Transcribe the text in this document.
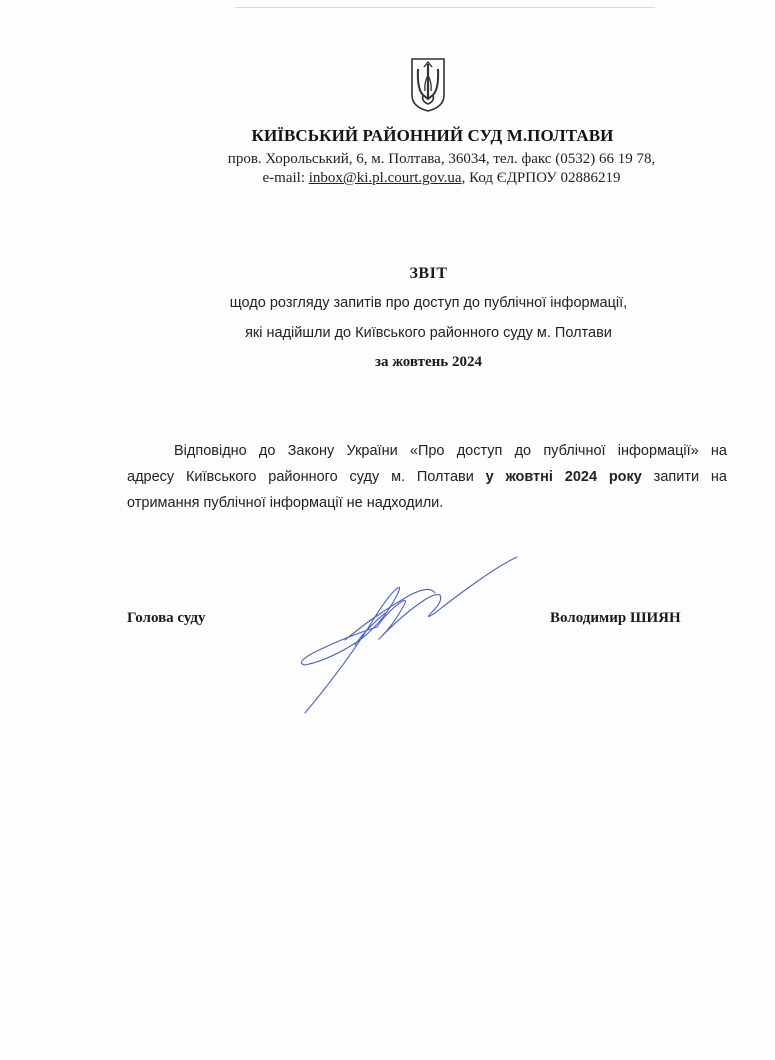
КИЇВСЬКИЙ РАЙОННИЙ СУД М.ПОЛТАВИ
пров. Хорольський, 6, м. Полтава, 36034, тел. факс (0532) 66 19 78,
e-mail: inbox@ki.pl.court.gov.ua, Код ЄДРПОУ 02886219
ЗВІТ
щодо розгляду запитів про доступ до публічної інформації,
які надійшли до Київського районного суду м. Полтави
за жовтень 2024
Відповідно до Закону України «Про доступ до публічної інформації» на
адресу Київського районного суду м. Полтави у жовтні 2024 року запити на
отримання публічної інформації не надходили.
Голова суду	Володимир ШИЯН
